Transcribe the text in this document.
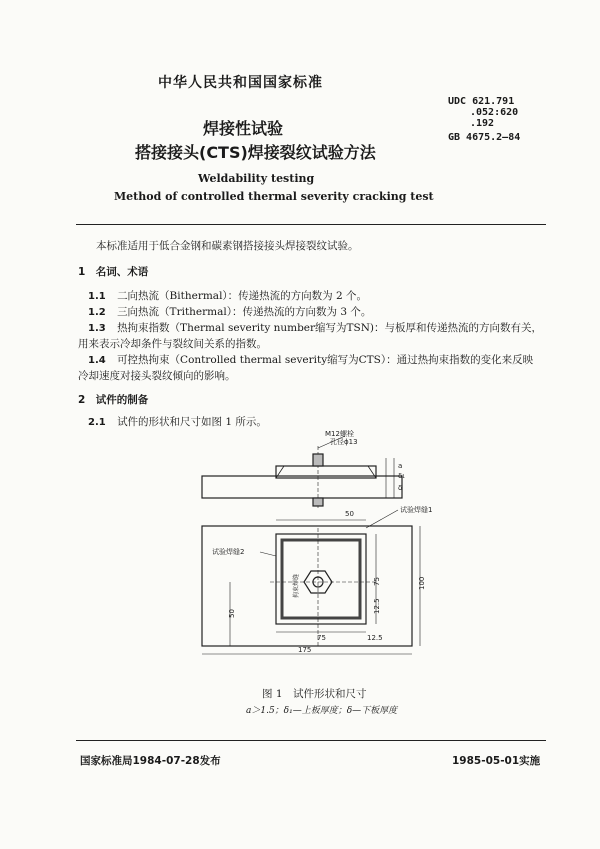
中华人民共和国国家标准
UDC 621.791
.052:620
.192
GB 4675.2—84
焊接性试验
搭接接头(CTS)焊接裂纹试验方法
Weldability testing
Method of controlled thermal severity cracking test
本标准适用于低合金钢和碳素钢搭接接头焊接裂纹试验。
1　名词、术语
1.1 二向热流（Bithermal）：传递热流的方向数为 2 个。
1.2 三向热流（Trithermal）：传递热流的方向数为 3 个。
1.3 热拘束指数（Thermal severity number缩写为TSN)：与板厚和传递热流的方向数有关，
用来表示冷却条件与裂纹间关系的指数。
1.4 可控热拘束（Controlled thermal severity缩写为CTS）：通过热拘束指数的变化来反映
冷却速度对接头裂纹倾向的影响。
2　试件的制备
2.1 试件的形状和尺寸如图 1 所示。
M12螺栓
孔径ϕ13
a
δ₁
δ
50	试验焊缝1
试验焊缝2
拘束焊缝	75	100
50	12.5
75	12.5
175
图 1　试件形状和尺寸
a＞1.5；δ₁—上板厚度；δ—下板厚度
国家标准局1984-07-28发布	1985-05-01实施
